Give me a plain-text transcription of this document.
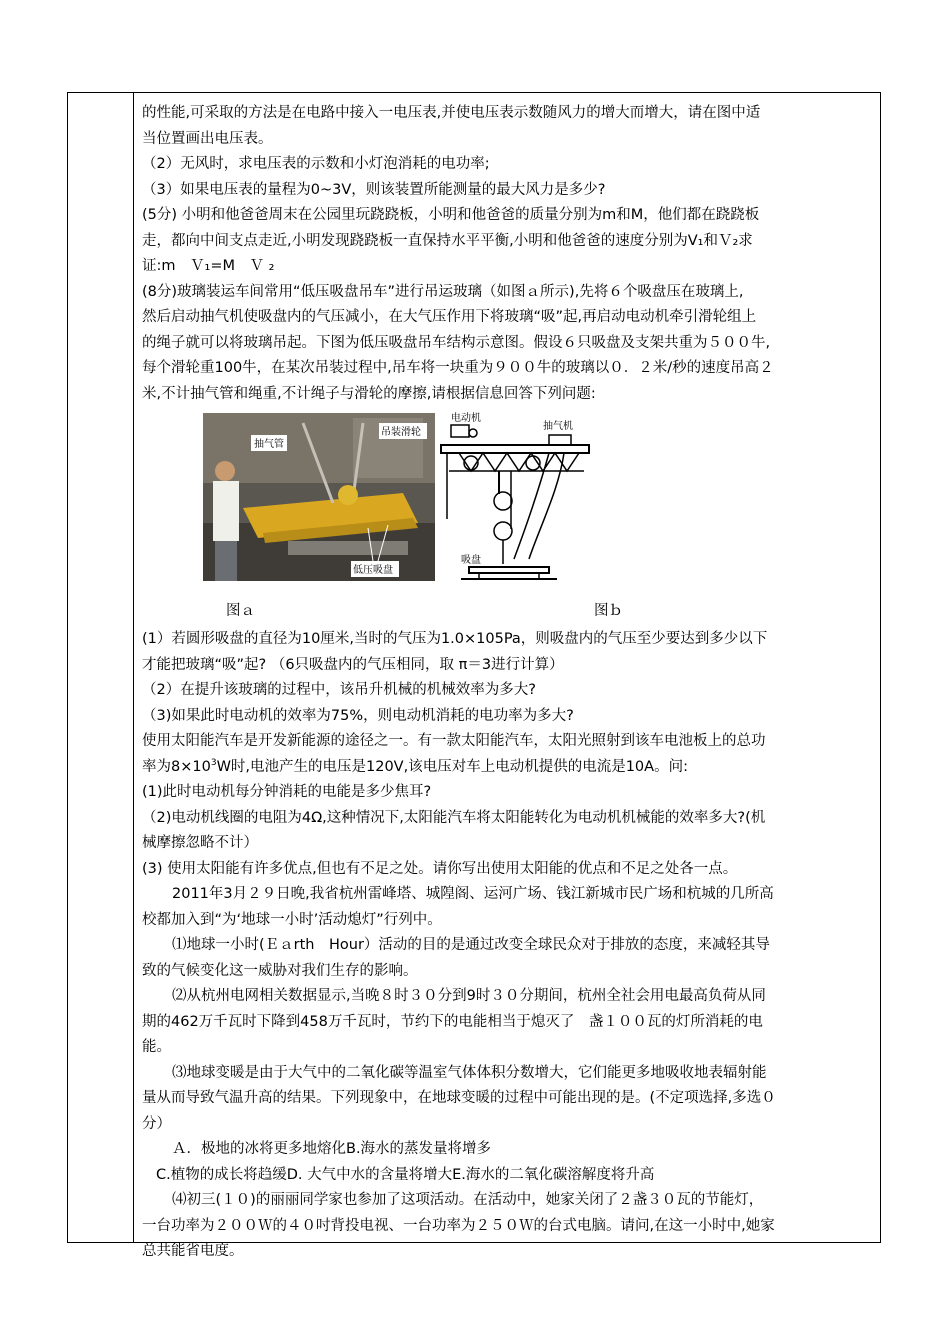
的性能,可采取的方法是在电路中接入一电压表,并使电压表示数随风力的增大而增大，请在图中适

当位置画出电压表。

（2）无风时，求电压表的示数和小灯泡消耗的电功率;

（3）如果电压表的量程为0~3V，则该装置所能测量的最大风力是多少?

(5分) 小明和他爸爸周末在公园里玩跷跷板，小明和他爸爸的质量分别为m和M，他们都在跷跷板

走，都向中间支点走近,小明发现跷跷板一直保持水平平衡,小明和他爸爸的速度分别为V₁和Ｖ₂求

证:m　Ｖ₁=M　Ｖ ₂

(8分)玻璃装运车间常用“低压吸盘吊车”进行吊运玻璃（如图ａ所示),先将６个吸盘压在玻璃上,

然后启动抽气机使吸盘内的气压减小，在大气压作用下将玻璃“吸”起,再启动电动机牵引滑轮组上

的绳子就可以将玻璃吊起。下图为低压吸盘吊车结构示意图。假设６只吸盘及支架共重为５００牛,

每个滑轮重100牛，在某次吊装过程中,吊车将一块重为９００牛的玻璃以０．２米/秒的速度吊高２

米,不计抽气管和绳重,不计绳子与滑轮的摩擦,请根据信息回答下列问题:

抽气管
吊装滑轮
低压吸盘
电动机
抽气机
吸盘
图ａ	图ｂ

(1）若圆形吸盘的直径为10厘米,当时的气压为1.0×105Pa，则吸盘内的气压至少要达到多少以下

才能把玻璃“吸”起? （6只吸盘内的气压相同，取 π＝3进行计算）

（2）在提升该玻璃的过程中，该吊升机械的机械效率为多大?

（3)如果此时电动机的效率为75%，则电动机消耗的电功率为多大?

使用太阳能汽车是开发新能源的途径之一。有一款太阳能汽车，太阳光照射到该车电池板上的总功

率为$8\times 10^3W$时,电池产生的电压是120V,该电压对车上电动机提供的电流是10A。问:

(1)此时电动机每分钟消耗的电能是多少焦耳?

（2)电动机线圈的电阻为4Ω,这种情况下,太阳能汽车将太阳能转化为电动机机械能的效率多大?(机

械摩擦忽略不计）

(3) 使用太阳能有许多优点,但也有不足之处。请你写出使用太阳能的优点和不足之处各一点。

2011年3月２９日晚,我省杭州雷峰塔、城隍阁、运河广场、钱江新城市民广场和杭城的几所高

校都加入到“为‘地球一小时’活动熄灯”行列中。

⑴地球一小时(Ｅａrth　Hour）活动的目的是通过改变全球民众对于排放的态度，来减轻其导

致的气候变化这一威胁对我们生存的影响。

⑵从杭州电网相关数据显示,当晚８时３０分到9时３０分期间，杭州全社会用电最高负荷从同

期的462万千瓦时下降到458万千瓦时，节约下的电能相当于熄灭了　盏１００瓦的灯所消耗的电

能。

⑶地球变暖是由于大气中的二氧化碳等温室气体体积分数增大，它们能更多地吸收地表辐射能

量从而导致气温升高的结果。下列现象中，在地球变暖的过程中可能出现的是。(不定项选择,多选０

分）

Ａ．极地的冰将更多地熔化B.海水的蒸发量将增多

C.植物的成长将趋缓D. 大气中水的含量将增大E.海水的二氧化碳溶解度将升高

⑷初三(１０)的丽丽同学家也参加了这项活动。在活动中，她家关闭了２盏３０瓦的节能灯，

一台功率为２００Ｗ的４０吋背投电视、一台功率为２５０Ｗ的台式电脑。请问,在这一小时中,她家

总共能省电度。
